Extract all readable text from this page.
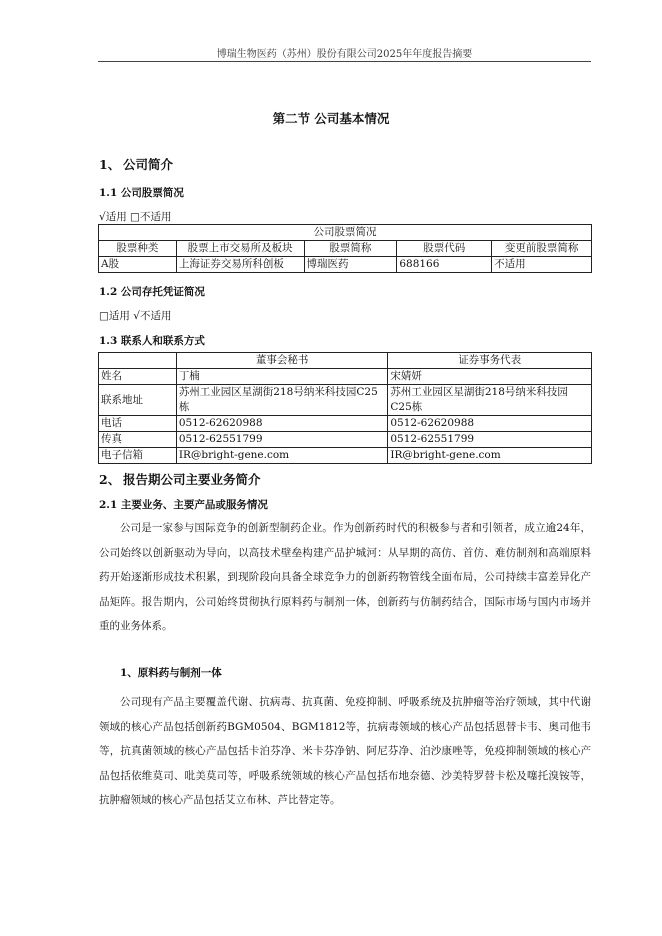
博瑞生物医药（苏州）股份有限公司2025年年度报告摘要
第二节 公司基本情况
1、 公司简介
1.1 公司股票简况
√适用 □不适用
公司股票简况				
股票种类	股票上市交易所及板块	股票简称	股票代码	变更前股票简称
A股	上海证券交易所科创板	博瑞医药	688166	不适用
1.2 公司存托凭证简况
□适用 √不适用
1.3 联系人和联系方式
	董事会秘书	证券事务代表
姓名	丁楠	宋婧妍
联系地址	苏州工业园区星湖街218号纳米科技园C25栋	苏州工业园区星湖街218号纳米科技园C25栋
电话	0512-62620988	0512-62620988
传真	0512-62551799	0512-62551799
电子信箱	IR@bright-gene.com	IR@bright-gene.com
2、 报告期公司主要业务简介
2.1 主要业务、主要产品或服务情况

公司是一家参与国际竞争的创新型制药企业。作为创新药时代的积极参与者和引领者，成立逾24年，公司始终以创新驱动为导向，以高技术壁垒构建产品护城河：从早期的高仿、首仿、难仿制剂和高端原料药开始逐渐形成技术积累，到现阶段向具备全球竞争力的创新药物管线全面布局，公司持续丰富差异化产品矩阵。报告期内，公司始终贯彻执行原料药与制剂一体，创新药与仿制药结合，国际市场与国内市场并重的业务体系。

1、原料药与制剂一体

公司现有产品主要覆盖代谢、抗病毒、抗真菌、免疫抑制、呼吸系统及抗肿瘤等治疗领域，其中代谢领域的核心产品包括创新药BGM0504、BGM1812等，抗病毒领域的核心产品包括恩替卡韦、奥司他韦等，抗真菌领域的核心产品包括卡泊芬净、米卡芬净钠、阿尼芬净、泊沙康唑等，免疫抑制领域的核心产品包括依维莫司、吡美莫司等，呼吸系统领域的核心产品包括布地奈德、沙美特罗替卡松及噻托溴铵等，抗肿瘤领域的核心产品包括艾立布林、芦比替定等。
